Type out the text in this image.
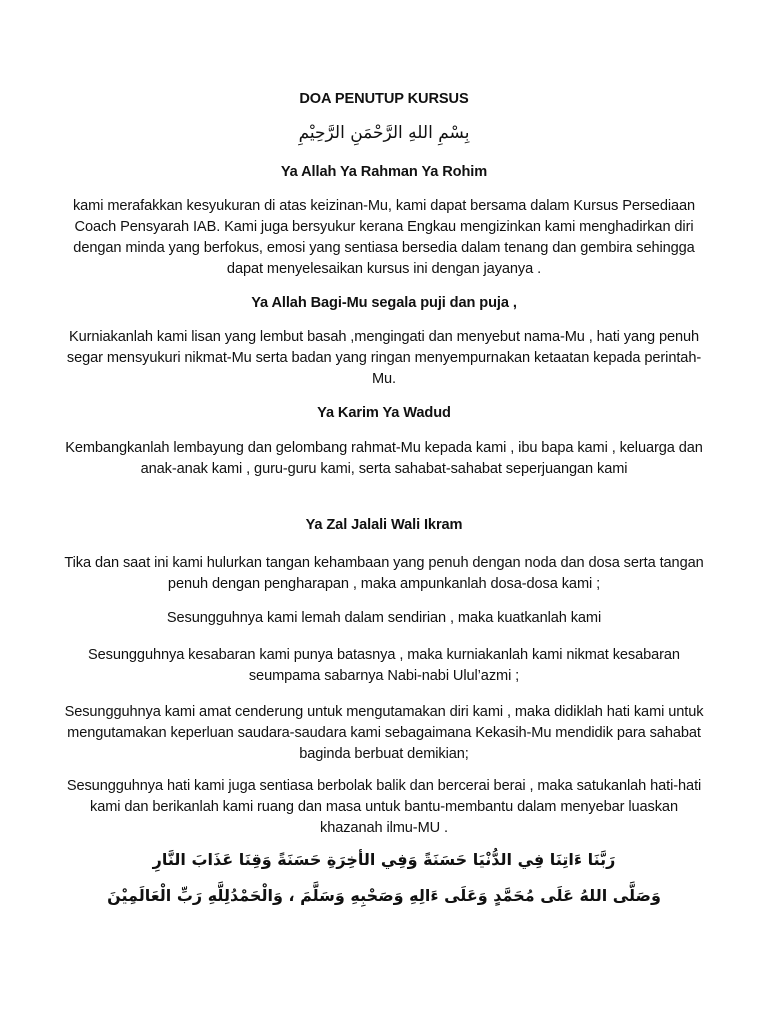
DOA PENUTUP KURSUS
بِسْمِ اللهِ الرَّحْمَنِ الرَّحِيْمِ
Ya Allah Ya Rahman Ya Rohim
kami merafakkan kesyukuran di atas keizinan-Mu, kami dapat bersama dalam Kursus Persediaan Coach Pensyarah IAB. Kami juga bersyukur kerana Engkau mengizinkan kami menghadirkan diri dengan minda yang berfokus, emosi yang sentiasa bersedia dalam tenang dan gembira sehingga dapat menyelesaikan kursus ini dengan jayanya .
Ya Allah Bagi-Mu segala puji dan puja ,
Kurniakanlah kami lisan yang lembut basah ,mengingati dan menyebut nama-Mu , hati yang penuh segar mensyukuri nikmat-Mu serta badan yang ringan menyempurnakan ketaatan kepada perintah-Mu.
Ya Karim Ya Wadud
Kembangkanlah lembayung dan gelombang rahmat-Mu kepada kami , ibu bapa kami , keluarga dan anak-anak kami , guru-guru kami, serta sahabat-sahabat seperjuangan kami
Ya Zal Jalali Wali Ikram
Tika dan saat ini kami hulurkan tangan kehambaan yang penuh dengan noda dan dosa serta tangan penuh dengan pengharapan , maka ampunkanlah dosa-dosa kami ;
Sesungguhnya kami lemah dalam sendirian , maka kuatkanlah kami
Sesungguhnya kesabaran kami punya batasnya , maka kurniakanlah kami nikmat kesabaran seumpama sabarnya Nabi-nabi Ulul’azmi ;
Sesungguhnya kami amat cenderung untuk mengutamakan diri kami , maka didiklah hati kami untuk mengutamakan keperluan saudara-saudara kami sebagaimana Kekasih-Mu mendidik para sahabat baginda berbuat demikian;
Sesungguhnya hati kami juga sentiasa berbolak balik dan bercerai berai , maka satukanlah hati-hati kami dan berikanlah kami ruang dan masa untuk bantu-membantu dalam menyebar luaskan khazanah ilmu-MU .
رَبَّنَا ءَاتِنَا فِي الدُّنْيَا حَسَنَةً وَفِي الأخِرَةِ حَسَنَةً وَقِنَا عَذَابَ النَّارِ
وَصَلَّى اللهُ عَلَى مُحَمَّدٍ وَعَلَى ءَالِهِ وَصَحْبِهِ وَسَلَّمَ ، وَالْحَمْدُلِلَّهِ رَبِّ الْعَالَمِيْنَ
